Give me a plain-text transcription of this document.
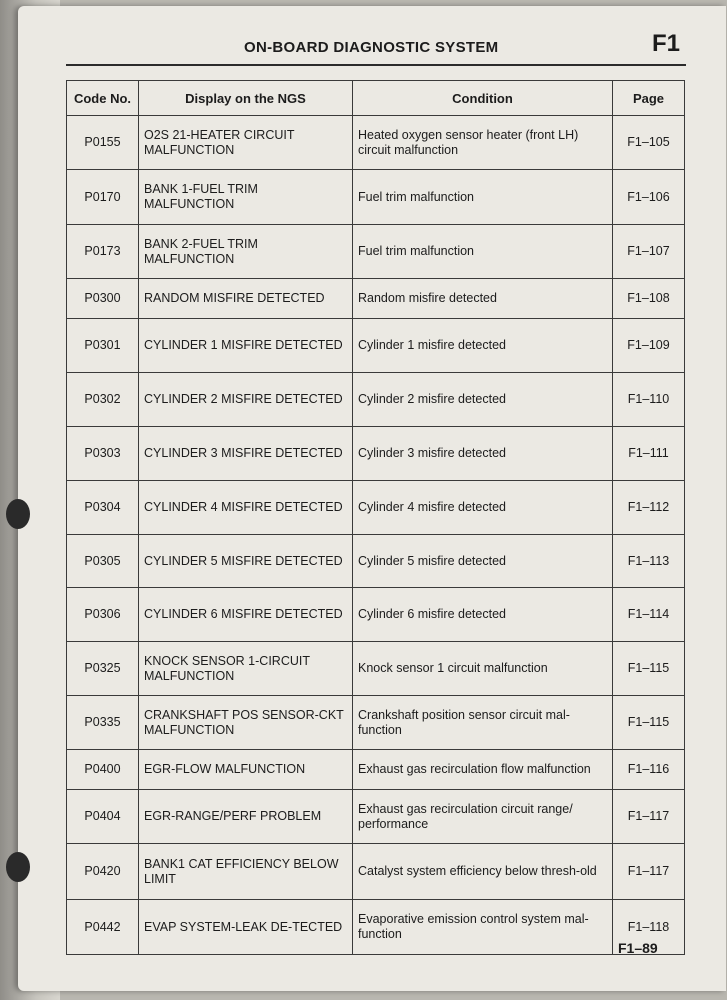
ON-BOARD DIAGNOSTIC SYSTEM	F1
Code No.	Display on the NGS	Condition	Page
P0155	O2S 21-HEATER CIRCUIT MALFUNCTION	Heated oxygen sensor heater (front LH) circuit malfunction	F1–105
P0170	BANK 1-FUEL TRIM MALFUNCTION	Fuel trim malfunction	F1–106
P0173	BANK 2-FUEL TRIM MALFUNCTION	Fuel trim malfunction	F1–107
P0300	RANDOM MISFIRE DETECTED	Random misfire detected	F1–108
P0301	CYLINDER 1 MISFIRE DETECTED	Cylinder 1 misfire detected	F1–109
P0302	CYLINDER 2 MISFIRE DETECTED	Cylinder 2 misfire detected	F1–110
P0303	CYLINDER 3 MISFIRE DETECTED	Cylinder 3 misfire detected	F1–111
P0304	CYLINDER 4 MISFIRE DETECTED	Cylinder 4 misfire detected	F1–112
P0305	CYLINDER 5 MISFIRE DETECTED	Cylinder 5 misfire detected	F1–113
P0306	CYLINDER 6 MISFIRE DETECTED	Cylinder 6 misfire detected	F1–114
P0325	KNOCK SENSOR 1-CIRCUIT MALFUNCTION	Knock sensor 1 circuit malfunction	F1–115
P0335	CRANKSHAFT POS SENSOR-CKT MALFUNCTION	Crankshaft position sensor circuit mal-function	F1–115
P0400	EGR-FLOW MALFUNCTION	Exhaust gas recirculation flow malfunction	F1–116
P0404	EGR-RANGE/PERF PROBLEM	Exhaust gas recirculation circuit range/ performance	F1–117
P0420	BANK1 CAT EFFICIENCY BELOW LIMIT	Catalyst system efficiency below thresh-old	F1–117
P0442	EVAP SYSTEM-LEAK DE-TECTED	Evaporative emission control system mal-function	F1–118
F1–89
